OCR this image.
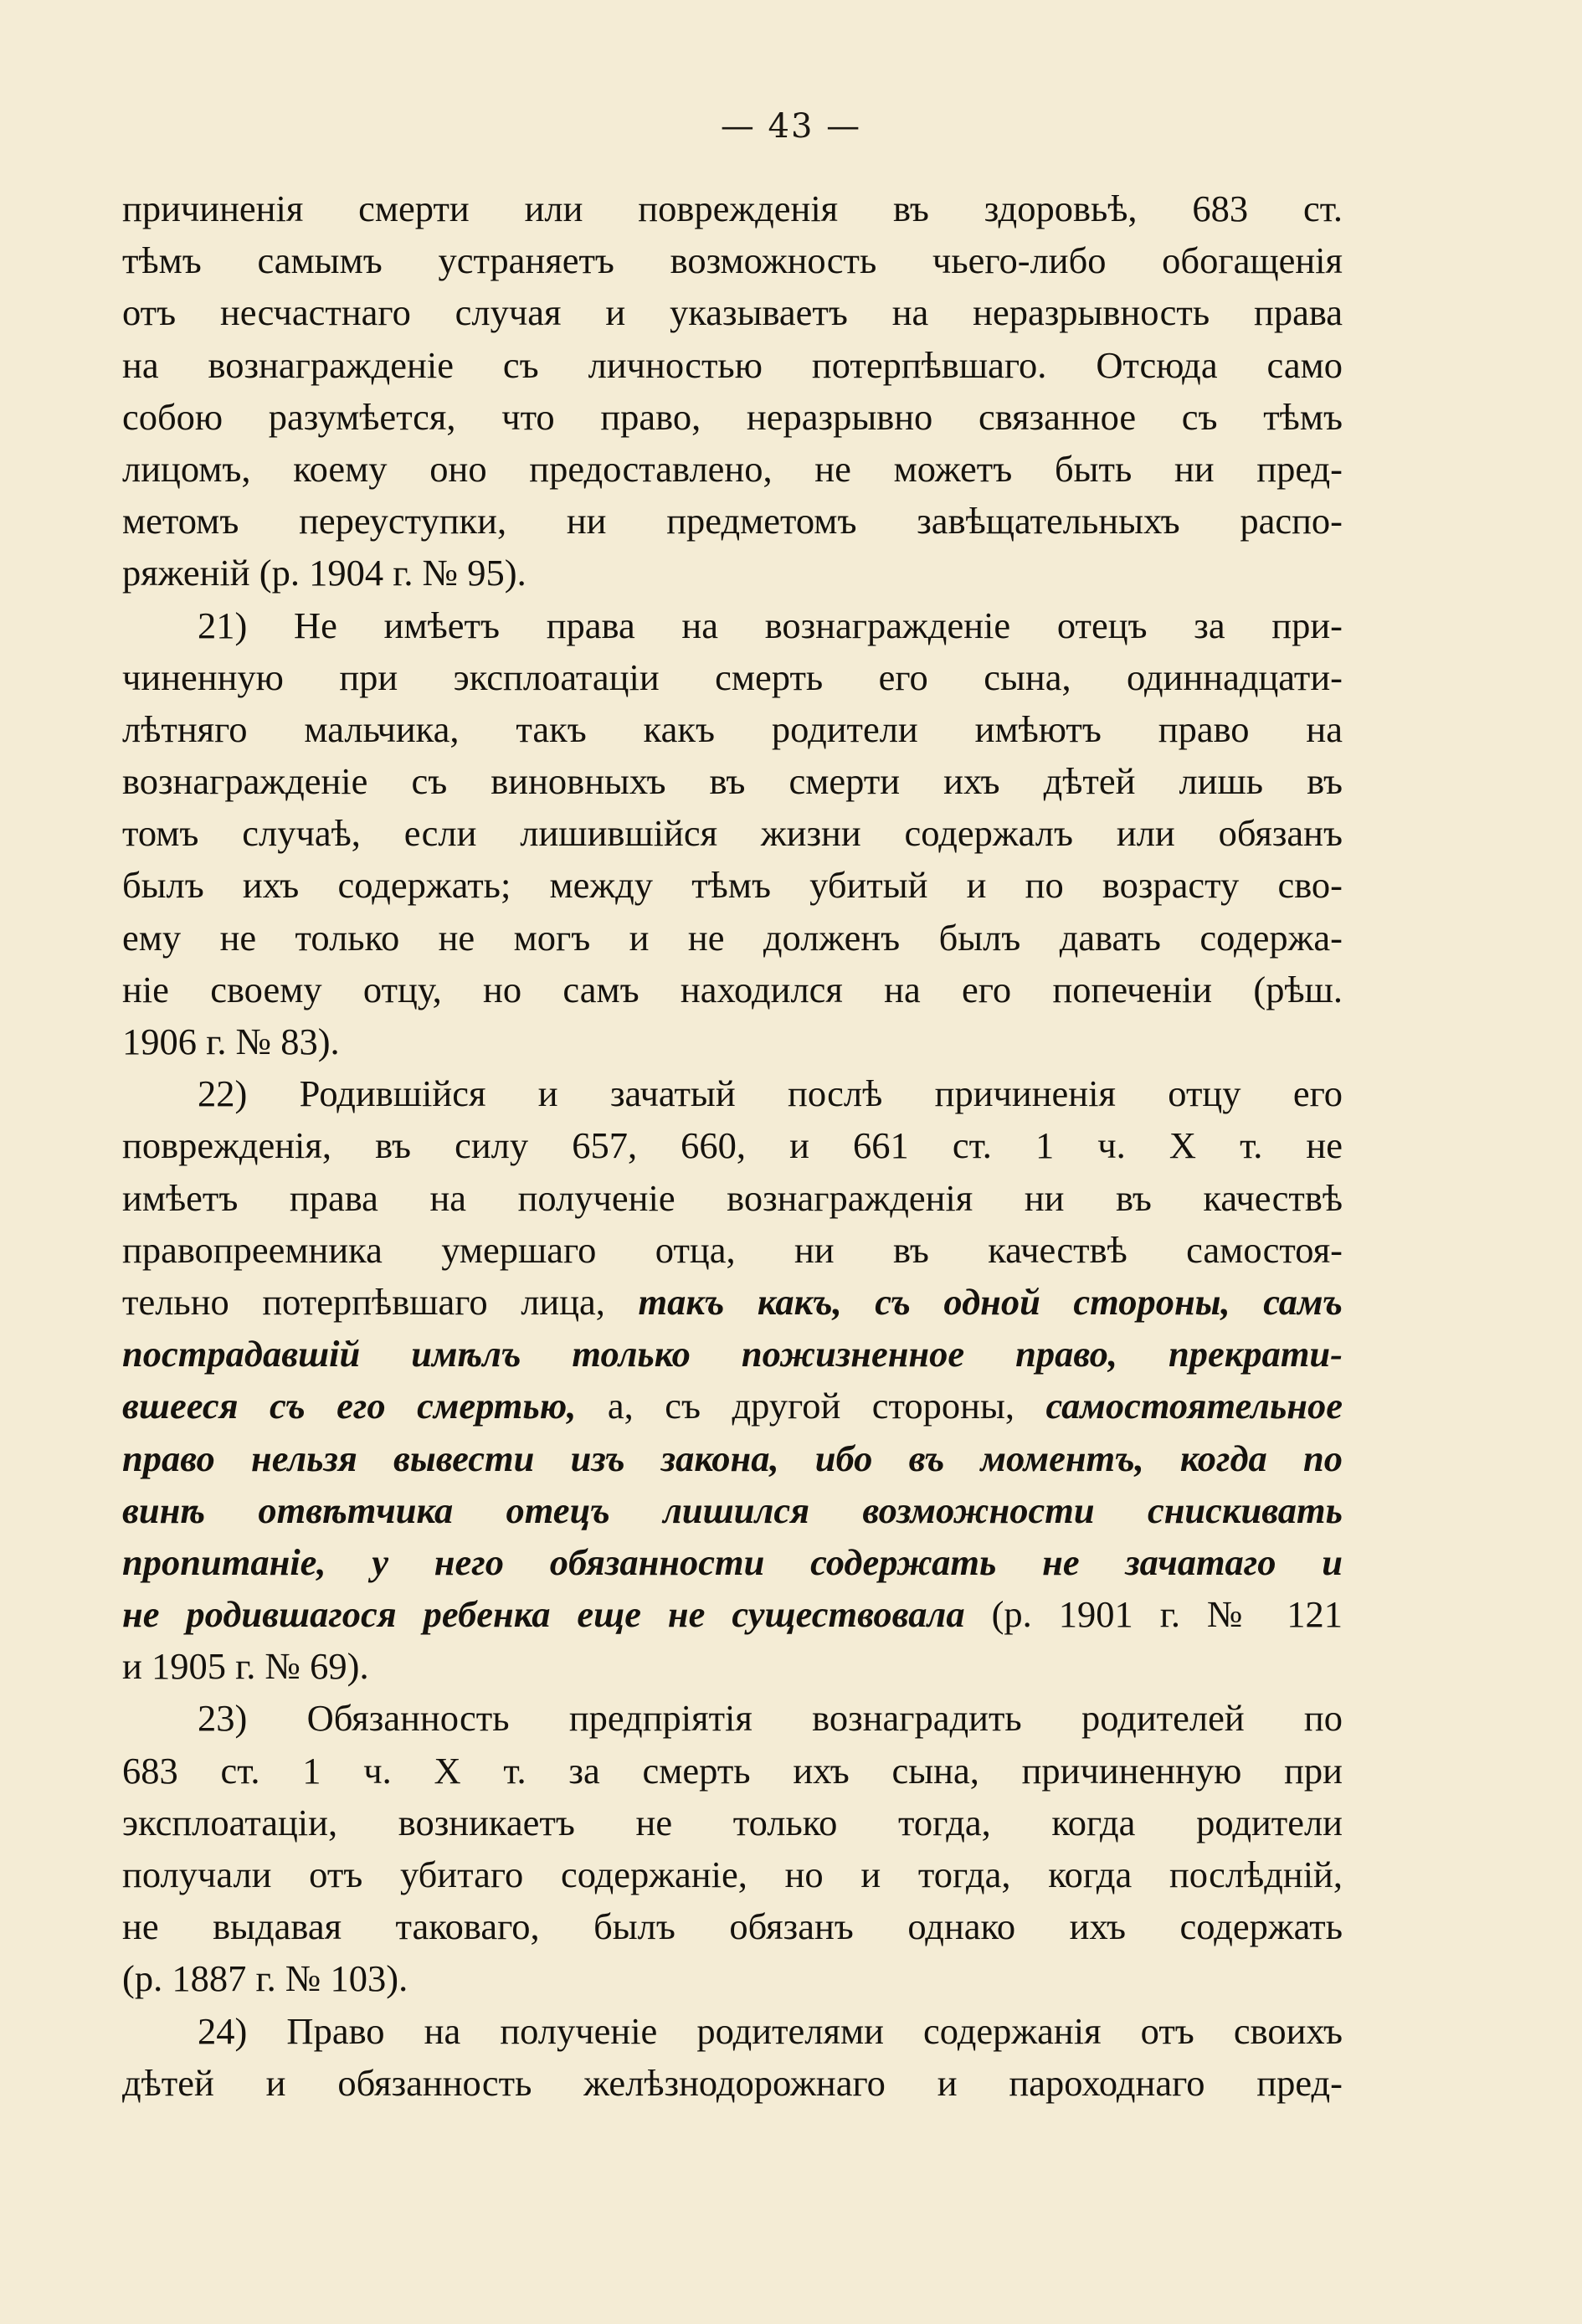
— 43 —
причиненія смерти или поврежденія въ здоровьѣ, 683 ст.
тѣмъ самымъ устраняетъ возможность чьего-либо обогащенія
отъ несчастнаго случая и указываетъ на неразрывность права
на вознагражденіе съ личностью потерпѣвшаго. Отсюда само
собою разумѣется, что право, неразрывно связанное съ тѣмъ
лицомъ, коему оно предоставлено, не можетъ быть ни пред-
метомъ переуступки, ни предметомъ завѣщательныхъ распо-
ряженій (р. 1904 г. № 95).
21) Не имѣетъ права на вознагражденіе отецъ за при-
чиненную при эксплоатаціи смерть его сына, одиннадцати-
лѣтняго мальчика, такъ какъ родители имѣютъ право на
вознагражденіе съ виновныхъ въ смерти ихъ дѣтей лишь въ
томъ случаѣ, если лишившійся жизни содержалъ или обязанъ
былъ ихъ содержать; между тѣмъ убитый и по возрасту сво-
ему не только не могъ и не долженъ былъ давать содержа-
ніе своему отцу, но самъ находился на его попеченіи (рѣш.
1906 г. № 83).
22) Родившійся и зачатый послѣ причиненія отцу его
поврежденія, въ силу 657, 660, и 661 ст. 1 ч. X т. не
имѣетъ права на полученіе вознагражденія ни въ качествѣ
правопреемника умершаго отца, ни въ качествѣ самостоя-
тельно потерпѣвшаго лица, такъ какъ, съ одной стороны, самъ
пострадавшій имѣлъ только пожизненное право, прекрати-
вшееся съ его смертью, а, съ другой стороны, самостоятельное
право нельзя вывести изъ закона, ибо въ моментъ, когда по
винѣ отвѣтчика отецъ лишился возможности снискивать
пропитаніе, у него обязанности содержать не зачатаго и
не родившагося ребенка еще не существовала (р. 1901 г. № 121
и 1905 г. № 69).
23) Обязанность предпріятія вознаградить родителей по
683 ст. 1 ч. X т. за смерть ихъ сына, причиненную при
эксплоатаціи, возникаетъ не только тогда, когда родители
получали отъ убитаго содержаніе, но и тогда, когда послѣдній,
не выдавая таковаго, былъ обязанъ однако ихъ содержать
(р. 1887 г. № 103).
24) Право на полученіе родителями содержанія отъ своихъ
дѣтей и обязанность желѣзнодорожнаго и пароходнаго пред-
